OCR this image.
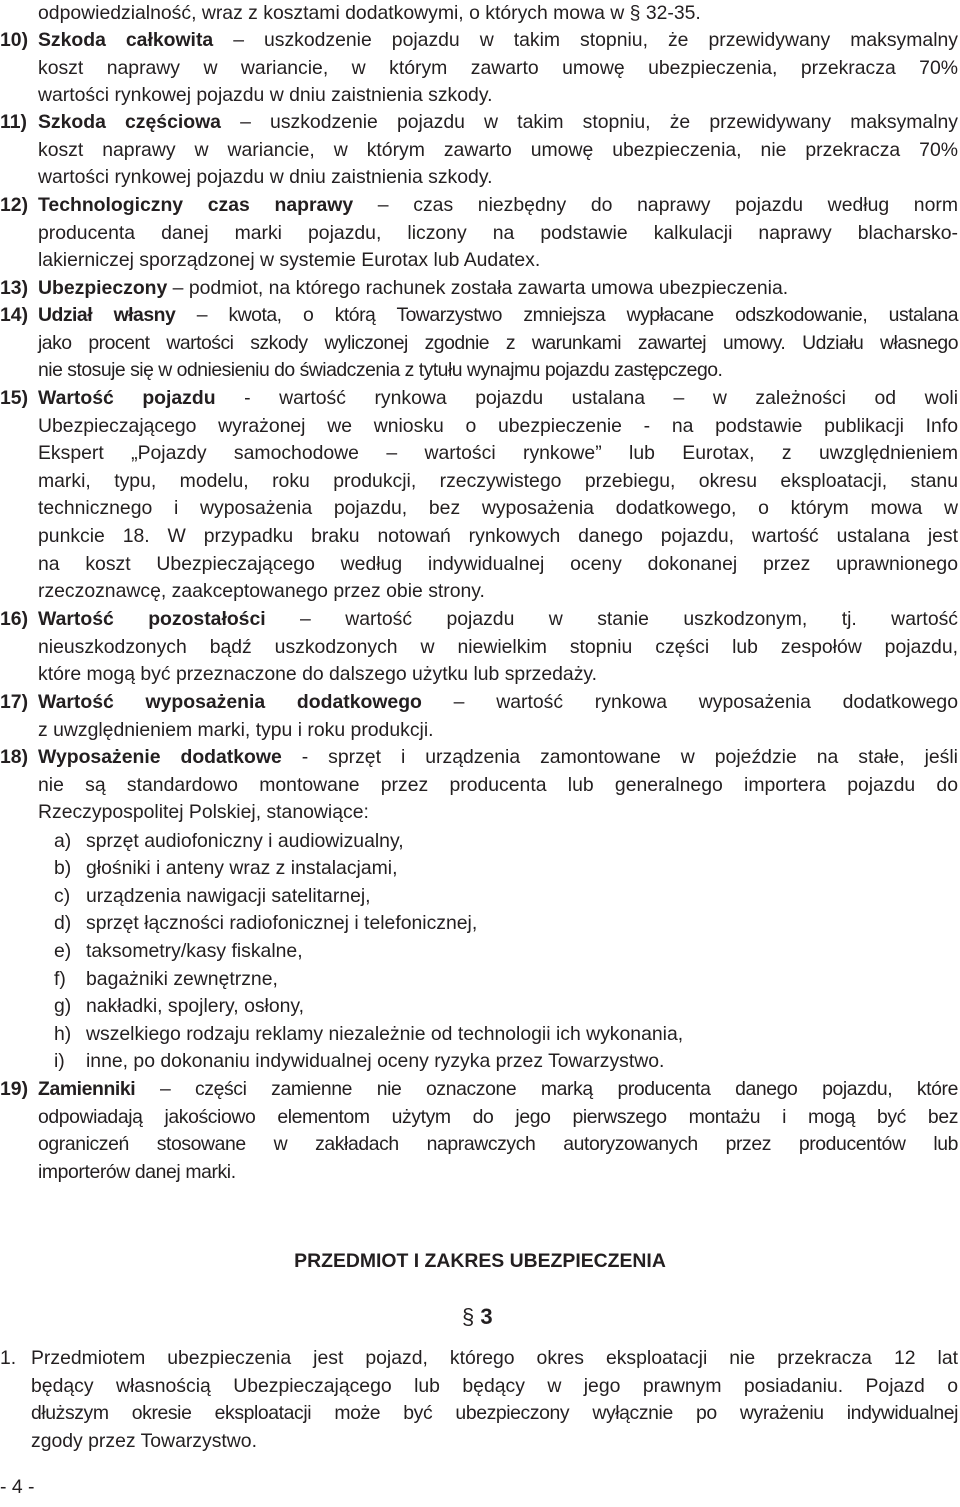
odpowiedzialność, wraz z kosztami dodatkowymi, o których mowa w § 32-35.
10) Szkoda całkowita – uszkodzenie pojazdu w takim stopniu, że przewidywany maksymalny
koszt naprawy w wariancie, w którym zawarto umowę ubezpieczenia, przekracza 70%
wartości rynkowej pojazdu w dniu zaistnienia szkody.
11) Szkoda częściowa – uszkodzenie pojazdu w takim stopniu, że przewidywany maksymalny
koszt naprawy w wariancie, w którym zawarto umowę ubezpieczenia, nie przekracza 70%
wartości rynkowej pojazdu w dniu zaistnienia szkody.
12) Technologiczny czas naprawy – czas niezbędny do naprawy pojazdu według norm
producenta danej marki pojazdu, liczony na podstawie kalkulacji naprawy blacharsko-
lakierniczej sporządzonej w systemie Eurotax lub Audatex.
13) Ubezpieczony – podmiot, na którego rachunek została zawarta umowa ubezpieczenia.
14) Udział własny – kwota, o którą Towarzystwo zmniejsza wypłacane odszkodowanie, ustalana
jako procent wartości szkody wyliczonej zgodnie z warunkami zawartej umowy. Udziału własnego
nie stosuje się w odniesieniu do świadczenia z tytułu wynajmu pojazdu zastępczego.
15) Wartość pojazdu - wartość rynkowa pojazdu ustalana – w zależności od woli
Ubezpieczającego wyrażonej we wniosku o ubezpieczenie - na podstawie publikacji Info
Ekspert „Pojazdy samochodowe – wartości rynkowe” lub Eurotax, z uwzględnieniem
marki, typu, modelu, roku produkcji, rzeczywistego przebiegu, okresu eksploatacji, stanu
technicznego i wyposażenia pojazdu, bez wyposażenia dodatkowego, o którym mowa w
punkcie 18. W przypadku braku notowań rynkowych danego pojazdu, wartość ustalana jest
na koszt Ubezpieczającego według indywidualnej oceny dokonanej przez uprawnionego
rzeczoznawcę, zaakceptowanego przez obie strony.
16) Wartość pozostałości – wartość pojazdu w stanie uszkodzonym, tj. wartość
nieuszkodzonych bądź uszkodzonych w niewielkim stopniu części lub zespołów pojazdu,
które mogą być przeznaczone do dalszego użytku lub sprzedaży.
17) Wartość wyposażenia dodatkowego – wartość rynkowa wyposażenia dodatkowego
z uwzględnieniem marki, typu i roku produkcji.
18) Wyposażenie dodatkowe - sprzęt i urządzenia zamontowane w pojeździe na stałe, jeśli
nie są standardowo montowane przez producenta lub generalnego importera pojazdu do
Rzeczypospolitej Polskiej, stanowiące:
a) sprzęt audiofoniczny i audiowizualny,
b) głośniki i anteny wraz z instalacjami,
c) urządzenia nawigacji satelitarnej,
d) sprzęt łączności radiofonicznej i telefonicznej,
e) taksometry/kasy fiskalne,
f) bagażniki zewnętrzne,
g) nakładki, spojlery, osłony,
h) wszelkiego rodzaju reklamy niezależnie od technologii ich wykonania,
i) inne, po dokonaniu indywidualnej oceny ryzyka przez Towarzystwo.
19) Zamienniki – części zamienne nie oznaczone marką producenta danego pojazdu, które
odpowiadają jakościowo elementom użytym do jego pierwszego montażu i mogą być bez
ograniczeń stosowane w zakładach naprawczych autoryzowanych przez producentów lub
importerów danej marki.
PRZEDMIOT I ZAKRES UBEZPIECZENIA
§ 3
1. Przedmiotem ubezpieczenia jest pojazd, którego okres eksploatacji nie przekracza 12 lat
będący własnością Ubezpieczającego lub będący w jego prawnym posiadaniu. Pojazd o
dłuższym okresie eksploatacji może być ubezpieczony wyłącznie po wyrażeniu indywidualnej
zgody przez Towarzystwo.
- 4 -
